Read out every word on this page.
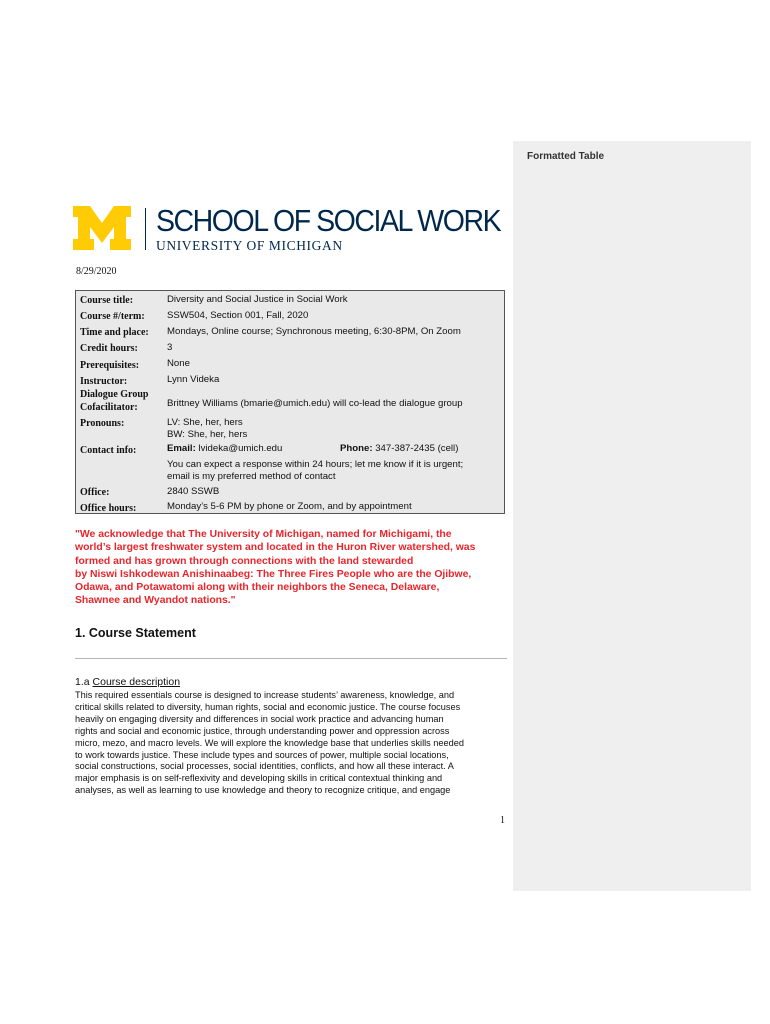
Formatted Table
SCHOOL OF SOCIAL WORK
UNIVERSITY OF MICHIGAN
8/29/2020
Course title:	Diversity and Social Justice in Social Work
Course #/term: SSW504, Section 001, Fall, 2020
Time and place: Mondays, Online course; Synchronous meeting, 6:30-8PM, On Zoom
Credit hours:	3
Prerequisites:	None
Instructor:	Lynn Videka
Dialogue Group
Cofacilitator:	Brittney Williams (bmarie@umich.edu) will co-lead the dialogue group
Pronouns:	LV: She, her, hers
BW: She, her, hers
Contact info:	Email: lvideka@umich.edu	Phone: 347-387-2435 (cell)
You can expect a response within 24 hours; let me know if it is urgent;
email is my preferred method of contact
Office:	2840 SSWB
Office hours:	Monday’s 5-6 PM by phone or Zoom, and by appointment
"We acknowledge that The University of Michigan, named for Michigami, the
world’s largest freshwater system and located in the Huron River watershed, was
formed and has grown through connections with the land stewarded
by Niswi Ishkodewan Anishinaabeg: The Three Fires People who are the Ojibwe,
Odawa, and Potawatomi along with their neighbors the Seneca, Delaware,
Shawnee and Wyandot nations."
1. Course Statement
1.a Course description
This required essentials course is designed to increase students’ awareness, knowledge, and
critical skills related to diversity, human rights, social and economic justice. The course focuses
heavily on engaging diversity and differences in social work practice and advancing human
rights and social and economic justice, through understanding power and oppression across
micro, mezo, and macro levels. We will explore the knowledge base that underlies skills needed
to work towards justice. These include types and sources of power, multiple social locations,
social constructions, social processes, social identities, conflicts, and how all these interact. A
major emphasis is on self-reflexivity and developing skills in critical contextual thinking and
analyses, as well as learning to use knowledge and theory to recognize critique, and engage
1
